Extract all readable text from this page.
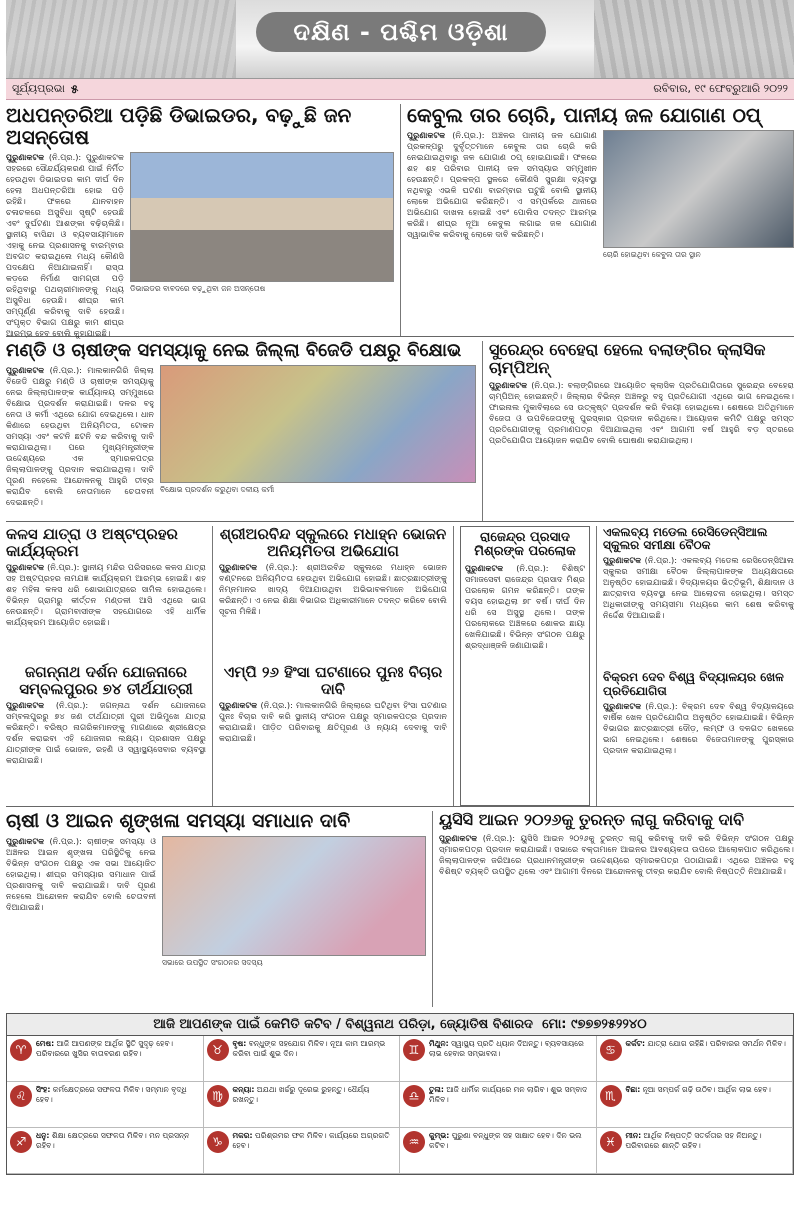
ଦକ୍ଷିଣ - ପଶ୍ଚିମ ଓଡ଼ିଶା
ସୂର୍ଯ୍ୟପ୍ରଭା ୫	ରବିବାର, ୧୯ ଫେବ୍ରୁଆରି ୨୦୨୨
ଅଧପନ୍ତରିଆ ପଡ଼ିଛି ଡିଭାଇଡର, ବଢ଼ୁଛି ଜନ ଅସନ୍ତୋଷ
ପୁରୁଣାକଟକ (ନି.ପ୍ର.): ପୁରୁଣାକଟକ ସହରରେ ସୌନ୍ଦର୍ଯ୍ୟକରଣ ପାଇଁ ନିର୍ମିତ ହେଉଥିବା ଡିଭାଇଡର କାମ ଦୀର୍ଘ ଦିନ ହେଲା ଅଧପନ୍ତରିଆ ହୋଇ ପଡ଼ି ରହିଛି। ଫଳରେ ଯାନବାହନ ଚଳାଚଳରେ ଅସୁବିଧା ସୃଷ୍ଟି ହେଉଛି ଏବଂ ଦୁର୍ଘଟଣା ଆଶଙ୍କା ବଢ଼ିଚାଲିଛି। ସ୍ଥାନୀୟ ବାସିନ୍ଦା ଓ ବ୍ୟବସାୟୀମାନେ ଏହାକୁ ନେଇ ପ୍ରଶାସନକୁ ବାରମ୍ବାର ଅବଗତ କରାଇଥିଲେ ମଧ୍ୟ କୌଣସି ପଦକ୍ଷେପ ନିଆଯାଇନାହିଁ। ରାସ୍ତା କଡ଼ରେ ନିର୍ମାଣ ସାମଗ୍ରୀ ପଡ଼ି ରହିଥିବାରୁ ପଥଚାରୀମାନଙ୍କୁ ମଧ୍ୟ ଅସୁବିଧା ହେଉଛି। ଶୀଘ୍ର କାମ ସମ୍ପୂର୍ଣ୍ଣ କରିବାକୁ ଦାବି ହେଉଛି। ସଂପୃକ୍ତ ବିଭାଗ ପକ୍ଷରୁ କାମ ଶୀଘ୍ର ଆରମ୍ଭ ହେବ ବୋଲି କୁହାଯାଇଛି।
ଡିଭାଇଡର ବାବଦରେ ବଢ଼ୁଥିବା ଜନ ଅସନ୍ତୋଷ
କେବୁଲ ତାର ଚୋରି, ପାନୀୟ ଜଳ ଯୋଗାଣ ଠପ୍
ପୁରୁଣାକଟକ (ନି.ପ୍ର.): ଅଞ୍ଚଳର ପାନୀୟ ଜଳ ଯୋଗାଣ ପ୍ରକଳ୍ପରୁ ଦୁର୍ବୃତ୍ତମାନେ କେବୁଲ ତାର ଚୋରି କରି ନେଇଯାଇଥିବାରୁ ଜଳ ଯୋଗାଣ ଠପ୍ ହୋଇଯାଇଛି। ଫଳରେ ଶହ ଶହ ପରିବାର ପାନୀୟ ଜଳ ସମସ୍ୟାର ସମ୍ମୁଖୀନ ହେଉଛନ୍ତି। ପ୍ରକଳ୍ପ ସ୍ଥଳରେ କୌଣସି ସୁରକ୍ଷା ବ୍ୟବସ୍ଥା ନଥିବାରୁ ଏଭଳି ଘଟଣା ବାରମ୍ବାର ଘଟୁଛି ବୋଲି ସ୍ଥାନୀୟ ଲୋକେ ଅଭିଯୋଗ କରିଛନ୍ତି। ଏ ସମ୍ପର୍କରେ ଥାନାରେ ଅଭିଯୋଗ ଦାଖଲ ହୋଇଛି ଏବଂ ପୋଲିସ ତଦନ୍ତ ଆରମ୍ଭ କରିଛି। ଶୀଘ୍ର ନୂଆ କେବୁଲ ଲଗାଇ ଜଳ ଯୋଗାଣ ସ୍ୱାଭାବିକ କରିବାକୁ ଲୋକେ ଦାବି କରିଛନ୍ତି।
ଚୋରି ହୋଇଥିବା କେବୁଲ ତାର ସ୍ଥାନ
ମଣ୍ଡି ଓ ଚାଷୀଙ୍କ ସମସ୍ୟାକୁ ନେଇ ଜିଲ୍ଲା ବିଜେଡି ପକ୍ଷରୁ ବିକ୍ଷୋଭ
ପୁରୁଣାକଟକ (ନି.ପ୍ର.): ମାଲକାନଗିରି ଜିଲ୍ଲା ବିଜେଡି ପକ୍ଷରୁ ମଣ୍ଡି ଓ ଚାଷୀଙ୍କ ସମସ୍ୟାକୁ ନେଇ ଜିଲ୍ଲାପାଳଙ୍କ କାର୍ଯ୍ୟାଳୟ ସମ୍ମୁଖରେ ବିକ୍ଷୋଭ ପ୍ରଦର୍ଶନ କରାଯାଇଛି। ଦଳର ବହୁ ନେତା ଓ କର୍ମୀ ଏଥିରେ ଯୋଗ ଦେଇଥିଲେ। ଧାନ କିଣାରେ ହେଉଥିବା ଅନିୟମିତତା, ଟୋକନ ସମସ୍ୟା ଏବଂ କଟନି ଛଟନି ବନ୍ଦ କରିବାକୁ ଦାବି କରାଯାଇଥିଲା। ପରେ ମୁଖ୍ୟମନ୍ତ୍ରୀଙ୍କ ଉଦ୍ଦେଶ୍ୟରେ ଏକ ସ୍ମାରକପତ୍ର ଜିଲ୍ଲାପାଳଙ୍କୁ ପ୍ରଦାନ କରାଯାଇଥିଲା। ଦାବି ପୂରଣ ନହେଲେ ଆନ୍ଦୋଳନକୁ ଆହୁରି ତୀବ୍ର କରାଯିବ ବୋଲି ନେତାମାନେ ଚେତାବନୀ ଦେଇଛନ୍ତି।
ବିକ୍ଷୋଭ ପ୍ରଦର୍ଶନ କରୁଥିବା ଦଳୀୟ କର୍ମୀ
ସୁରେନ୍ଦ୍ର ବେହେରା ହେଲେ ବଲାଙ୍ଗିର କ୍ଲାସିକ ଚାମ୍ପିଅନ୍
ପୁରୁଣାକଟକ (ନି.ପ୍ର.): ବଲାଙ୍ଗିରରେ ଆୟୋଜିତ କ୍ଲାସିକ ପ୍ରତିଯୋଗିତାରେ ସୁରେନ୍ଦ୍ର ବେହେରା ଚାମ୍ପିଅନ୍ ହୋଇଛନ୍ତି। ଜିଲ୍ଲାର ବିଭିନ୍ନ ଅଞ୍ଚଳରୁ ବହୁ ପ୍ରତିଯୋଗୀ ଏଥିରେ ଭାଗ ନେଇଥିଲେ। ଫାଇନାଲ ମୁକାବିଲାରେ ସେ ଉତ୍କୃଷ୍ଟ ପ୍ରଦର୍ଶନ କରି ବିଜୟୀ ହୋଇଥିଲେ। ଶେଷରେ ଅତିଥିମାନେ ବିଜେତା ଓ ଉପବିଜେତାଙ୍କୁ ପୁରସ୍କାର ପ୍ରଦାନ କରିଥିଲେ। ଆୟୋଜକ କମିଟି ପକ୍ଷରୁ ସମସ୍ତ ପ୍ରତିଯୋଗୀଙ୍କୁ ପ୍ରମାଣପତ୍ର ଦିଆଯାଇଥିଲା ଏବଂ ଆଗାମୀ ବର୍ଷ ଆହୁରି ବଡ଼ ସ୍ତରରେ ପ୍ରତିଯୋଗିତା ଆୟୋଜନ କରାଯିବ ବୋଲି ଘୋଷଣା କରାଯାଇଥିଲା।
କଳସ ଯାତ୍ରା ଓ ଅଷ୍ଟପ୍ରହର କାର୍ଯ୍ୟକ୍ରମ
ପୁରୁଣାକଟକ (ନି.ପ୍ର.): ସ୍ଥାନୀୟ ମନ୍ଦିର ପରିସରରେ କଳସ ଯାତ୍ରା ସହ ଅଷ୍ଟପ୍ରହର ନାମଯଜ୍ଞ କାର୍ଯ୍ୟକ୍ରମ ଆରମ୍ଭ ହୋଇଛି। ଶହ ଶହ ମହିଳା କଳସ ଧରି ଶୋଭାଯାତ୍ରାରେ ସାମିଲ ହୋଇଥିଲେ। ବିଭିନ୍ନ ଗ୍ରାମରୁ କୀର୍ତ୍ତନ ମଣ୍ଡଳୀ ଆସି ଏଥିରେ ଭାଗ ନେଉଛନ୍ତି। ଗ୍ରାମବାସୀଙ୍କ ସହଯୋଗରେ ଏହି ଧାର୍ମିକ କାର୍ଯ୍ୟକ୍ରମ ଆୟୋଜିତ ହୋଇଛି।
ଜଗନ୍ନାଥ ଦର୍ଶନ ଯୋଜନାରେ ସମ୍ବଲପୁରର ୭୪ ତୀର୍ଥଯାତ୍ରୀ
ପୁରୁଣାକଟକ (ନି.ପ୍ର.): ଜଗନ୍ନାଥ ଦର୍ଶନ ଯୋଜନାରେ ସମ୍ବଲପୁରରୁ ୭୪ ଜଣ ତୀର୍ଥଯାତ୍ରୀ ପୁରୀ ଅଭିମୁଖେ ଯାତ୍ରା କରିଛନ୍ତି। ବରିଷ୍ଠ ନାଗରିକମାନଙ୍କୁ ମାଗଣାରେ ଶ୍ରୀକ୍ଷେତ୍ର ଦର୍ଶନ କରାଇବା ଏହି ଯୋଜନାର ଲକ୍ଷ୍ୟ। ପ୍ରଶାସନ ପକ୍ଷରୁ ଯାତ୍ରୀଙ୍କ ପାଇଁ ଭୋଜନ, ରହଣି ଓ ସ୍ୱାସ୍ଥ୍ୟସେବାର ବ୍ୟବସ୍ଥା କରାଯାଇଛି।
ଶ୍ରୀଅରବିନ୍ଦ ସ୍କୁଲରେ ମଧାହ୍ନ ଭୋଜନ ଅନିୟମିତତା ଅଭିଯୋଗ
ପୁରୁଣାକଟକ (ନି.ପ୍ର.): ଶ୍ରୀଅରବିନ୍ଦ ସ୍କୁଲରେ ମଧାହ୍ନ ଭୋଜନ ବଣ୍ଟନରେ ଅନିୟମିତତା ହେଉଥିବା ଅଭିଯୋଗ ହୋଇଛି। ଛାତ୍ରଛାତ୍ରୀଙ୍କୁ ନିମ୍ନମାନର ଖାଦ୍ୟ ଦିଆଯାଉଥିବା ଅଭିଭାବକମାନେ ଅଭିଯୋଗ କରିଛନ୍ତି। ଏ ନେଇ ଶିକ୍ଷା ବିଭାଗର ଅଧିକାରୀମାନେ ତଦନ୍ତ କରିବେ ବୋଲି ସୂଚନା ମିଳିଛି।
ଏମ୍ପି ୨୬ ହିଂସା ଘଟଣାରେ ପୁନଃ ବିଚାର ଦାବି
ପୁରୁଣାକଟକ (ନି.ପ୍ର.): ମାଲକାନଗିରି ଜିଲ୍ଲାରେ ଘଟିଥିବା ହିଂସା ଘଟଣାର ପୁନଃ ବିଚାର ଦାବି କରି ସ୍ଥାନୀୟ ସଂଗଠନ ପକ୍ଷରୁ ସ୍ମାରକପତ୍ର ପ୍ରଦାନ କରାଯାଇଛି। ପୀଡ଼ିତ ପରିବାରକୁ କ୍ଷତିପୂରଣ ଓ ନ୍ୟାୟ ଦେବାକୁ ଦାବି କରାଯାଇଛି।
ରାଜେନ୍ଦ୍ର ପ୍ରସାଦ ମିଶ୍ରଙ୍କ ପରଲୋକ
ପୁରୁଣାକଟକ (ନି.ପ୍ର.): ବିଶିଷ୍ଟ ସମାଜସେବୀ ରାଜେନ୍ଦ୍ର ପ୍ରସାଦ ମିଶ୍ର ପରଲୋକ ଗମନ କରିଛନ୍ତି। ତାଙ୍କ ବୟସ ହୋଇଥିଲା ୭୮ ବର୍ଷ। ଦୀର୍ଘ ଦିନ ଧରି ସେ ଅସୁସ୍ଥ ଥିଲେ। ତାଙ୍କ ପରଲୋକରେ ଅଞ୍ଚଳରେ ଶୋକର ଛାୟା ଖେଳିଯାଇଛି। ବିଭିନ୍ନ ସଂଗଠନ ପକ୍ଷରୁ ଶ୍ରଦ୍ଧାଞ୍ଜଳି ଜଣାଯାଇଛି।
ଏକଲବ୍ୟ ମଡେଲ ରେସିଡେନ୍ସିଆଲ ସ୍କୁଲର ସମୀକ୍ଷା ବୈଠକ
ପୁରୁଣାକଟକ (ନି.ପ୍ର.): ଏକଲବ୍ୟ ମଡେଲ ରେସିଡେନ୍ସିଆଲ ସ୍କୁଲର ସମୀକ୍ଷା ବୈଠକ ଜିଲ୍ଲାପାଳଙ୍କ ଅଧ୍ୟକ୍ଷତାରେ ଅନୁଷ୍ଠିତ ହୋଇଯାଇଛି। ବିଦ୍ୟାଳୟର ଭିତ୍ତିଭୂମି, ଶିକ୍ଷାଦାନ ଓ ଛାତ୍ରାବାସ ବ୍ୟବସ୍ଥା ନେଇ ଆଲୋଚନା ହୋଇଥିଲା। ସମସ୍ତ ଅଧିକାରୀଙ୍କୁ ସମୟସୀମା ମଧ୍ୟରେ କାମ ଶେଷ କରିବାକୁ ନିର୍ଦ୍ଦେଶ ଦିଆଯାଇଛି।
ବିକ୍ରମ ଦେବ ବିଶ୍ୱ ବିଦ୍ୟାଳୟର ଖେଳ ପ୍ରତିଯୋଗିତା
ପୁରୁଣାକଟକ (ନି.ପ୍ର.): ବିକ୍ରମ ଦେବ ବିଶ୍ୱ ବିଦ୍ୟାଳୟରେ ବାର୍ଷିକ ଖେଳ ପ୍ରତିଯୋଗିତା ଅନୁଷ୍ଠିତ ହୋଇଯାଇଛି। ବିଭିନ୍ନ ବିଭାଗର ଛାତ୍ରଛାତ୍ରୀ ଦୌଡ଼, ଲମ୍ଫ ଓ ଦଳଗତ ଖେଳରେ ଭାଗ ନେଇଥିଲେ। ଶେଷରେ ବିଜେତାମାନଙ୍କୁ ପୁରସ୍କାର ପ୍ରଦାନ କରାଯାଇଥିଲା।
ଚାଷୀ ଓ ଆଇନ ଶୃଙ୍ଖଳା ସମସ୍ୟା ସମାଧାନ ଦାବି
ପୁରୁଣାକଟକ (ନି.ପ୍ର.): ଚାଷୀଙ୍କ ସମସ୍ୟା ଓ ଅଞ୍ଚଳର ଆଇନ ଶୃଙ୍ଖଳା ପରିସ୍ଥିତିକୁ ନେଇ ବିଭିନ୍ନ ସଂଗଠନ ପକ୍ଷରୁ ଏକ ସଭା ଆୟୋଜିତ ହୋଇଥିଲା। ଶୀଘ୍ର ସମସ୍ୟାର ସମାଧାନ ପାଇଁ ପ୍ରଶାସନକୁ ଦାବି କରାଯାଇଛି। ଦାବି ପୂରଣ ନହେଲେ ଆନ୍ଦୋଳନ କରାଯିବ ବୋଲି ଚେତାବନୀ ଦିଆଯାଇଛି।
ସଭାରେ ଉପସ୍ଥିତ ସଂଗଠନର ସଦସ୍ୟ
ୟୁସିସି ଆଇନ ୨୦୨୬କୁ ତୁରନ୍ତ ଲାଗୁ କରିବାକୁ ଦାବି
ପୁରୁଣାକଟକ (ନି.ପ୍ର.): ୟୁସିସି ଆଇନ ୨୦୨୬କୁ ତୁରନ୍ତ ଲାଗୁ କରିବାକୁ ଦାବି କରି ବିଭିନ୍ନ ସଂଗଠନ ପକ୍ଷରୁ ସ୍ମାରକପତ୍ର ପ୍ରଦାନ କରାଯାଇଛି। ସଭାରେ ବକ୍ତାମାନେ ଆଇନର ଆବଶ୍ୟକତା ଉପରେ ଆଲୋକପାତ କରିଥିଲେ। ଜିଲ୍ଲାପାଳଙ୍କ ଜରିଆରେ ପ୍ରଧାନମନ୍ତ୍ରୀଙ୍କ ଉଦ୍ଦେଶ୍ୟରେ ସ୍ମାରକପତ୍ର ପଠାଯାଇଛି। ଏଥିରେ ଅଞ୍ଚଳର ବହୁ ବିଶିଷ୍ଟ ବ୍ୟକ୍ତି ଉପସ୍ଥିତ ଥିଲେ ଏବଂ ଆଗାମୀ ଦିନରେ ଆନ୍ଦୋଳନକୁ ତୀବ୍ର କରାଯିବ ବୋଲି ନିଷ୍ପତ୍ତି ନିଆଯାଇଛି।
ଆଜି ଆପଣଙ୍କ ପାଇଁ କେମିତି କଟିବ / ବିଶ୍ୱନାଥ ପରିଡ଼ା, ଜ୍ୟୋତିଷ ବିଶାରଦ ମୋ: ୯୭୭୭୨୫୨୨୪୦
♈	ମେଷ: ଆଜି ଆପଣଙ୍କ ଆର୍ଥିକ ସ୍ଥିତି ସୁଦୃଢ଼ ହେବ। ପରିବାରରେ ଖୁସିର ବାତାବରଣ ରହିବ।	♉	ବୃଷ: ବନ୍ଧୁଙ୍କ ସହଯୋଗ ମିଳିବ। ନୂଆ କାମ ଆରମ୍ଭ କରିବା ପାଇଁ ଶୁଭ ଦିନ।	♊	ମିଥୁନ: ସ୍ୱାସ୍ଥ୍ୟ ପ୍ରତି ଧ୍ୟାନ ଦିଅନ୍ତୁ। ବ୍ୟବସାୟରେ ଲାଭ ହେବାର ସମ୍ଭାବନା।	♋	କର୍କଟ: ଯାତ୍ରା ଯୋଗ ରହିଛି। ପରିବାରର ସମର୍ଥନ ମିଳିବ।
♌	ସିଂହ: କର୍ମକ୍ଷେତ୍ରରେ ସଫଳତା ମିଳିବ। ସମ୍ମାନ ବୃଦ୍ଧି ହେବ।	♍	କନ୍ୟା: ଅଯଥା ଖର୍ଚ୍ଚରୁ ଦୂରେଇ ରୁହନ୍ତୁ। ଧୈର୍ଯ୍ୟ ରଖନ୍ତୁ।	♎	ତୁଳା: ଆଜି ଧାର୍ମିକ କାର୍ଯ୍ୟରେ ମନ ଲାଗିବ। ଶୁଭ ସମ୍ବାଦ ମିଳିବ।	♏	ବିଛା: ନୂଆ ସମ୍ପର୍କ ଗଢ଼ି ଉଠିବ। ଆର୍ଥିକ ଲାଭ ହେବ।
♐	ଧନୁ: ଶିକ୍ଷା କ୍ଷେତ୍ରରେ ସଫଳତା ମିଳିବ। ମନ ପ୍ରସନ୍ନ ରହିବ।	♑	ମକର: ପରିଶ୍ରମର ଫଳ ମିଳିବ। କାର୍ଯ୍ୟରେ ଅଗ୍ରଗତି ହେବ।	♒	କୁମ୍ଭ: ପୁରୁଣା ବନ୍ଧୁଙ୍କ ସହ ସାକ୍ଷାତ ହେବ। ଦିନ ଭଲ କଟିବ।	♓	ମୀନ: ଆର୍ଥିକ ନିଷ୍ପତ୍ତି ସତର୍କତାର ସହ ନିଅନ୍ତୁ। ପରିବାରରେ ଶାନ୍ତି ରହିବ।
